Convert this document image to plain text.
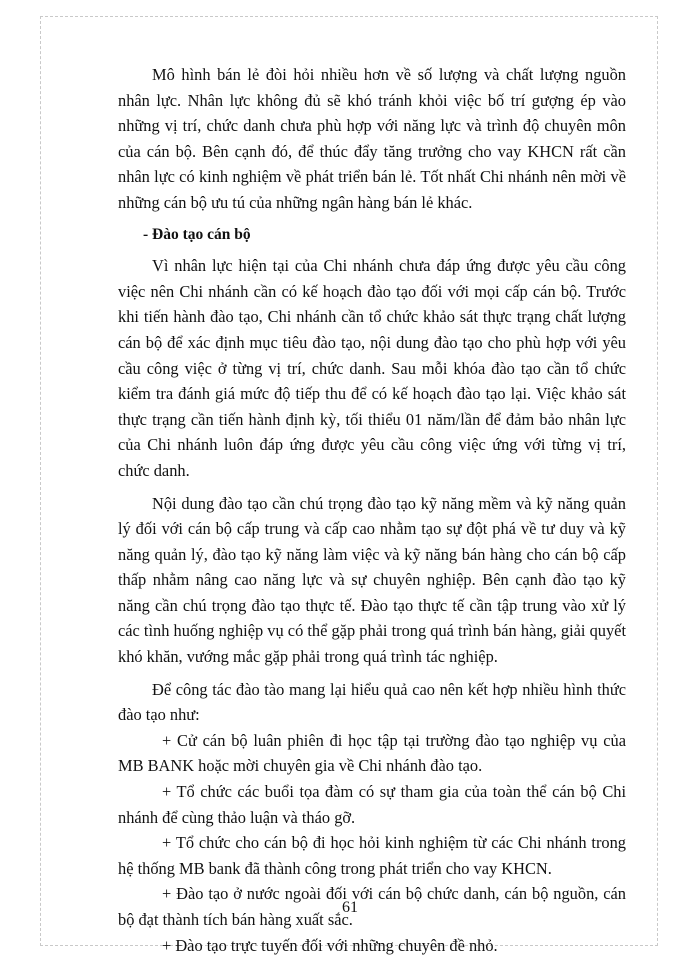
Mô hình bán lẻ đòi hỏi nhiều hơn về số lượng và chất lượng nguồn nhân lực. Nhân lực không đủ sẽ khó tránh khỏi việc bố trí gượng ép vào những vị trí, chức danh chưa phù hợp với năng lực và trình độ chuyên môn của cán bộ. Bên cạnh đó, để thúc đẩy tăng trưởng cho vay KHCN rất cần nhân lực có kinh nghiệm về phát triển bán lẻ. Tốt nhất Chi nhánh nên mời về những cán bộ ưu tú của những ngân hàng bán lẻ khác.

- Đào tạo cán bộ

Vì nhân lực hiện tại của Chi nhánh chưa đáp ứng được yêu cầu công việc nên Chi nhánh cần có kế hoạch đào tạo đối với mọi cấp cán bộ. Trước khi tiến hành đào tạo, Chi nhánh cần tổ chức khảo sát thực trạng chất lượng cán bộ để xác định mục tiêu đào tạo, nội dung đào tạo cho phù hợp với yêu cầu công việc ở từng vị trí, chức danh. Sau mỗi khóa đào tạo cần tổ chức kiểm tra đánh giá mức độ tiếp thu để có kế hoạch đào tạo lại. Việc khảo sát thực trạng cần tiến hành định kỳ, tối thiểu 01 năm/lần để đảm bảo nhân lực của Chi nhánh luôn đáp ứng được yêu cầu công việc ứng với từng vị trí, chức danh.

Nội dung đào tạo cần chú trọng đào tạo kỹ năng mềm và kỹ năng quản lý đối với cán bộ cấp trung và cấp cao nhằm tạo sự đột phá về tư duy và kỹ năng quản lý, đào tạo kỹ năng làm việc và kỹ năng bán hàng cho cán bộ cấp thấp nhằm nâng cao năng lực và sự chuyên nghiệp. Bên cạnh đào tạo kỹ năng cần chú trọng đào tạo thực tế. Đào tạo thực tế cần tập trung vào xử lý các tình huống nghiệp vụ có thể gặp phải trong quá trình bán hàng, giải quyết khó khăn, vướng mắc gặp phải trong quá trình tác nghiệp.

Để công tác đào tào mang lại hiểu quả cao nên kết hợp nhiều hình thức đào tạo như:

+ Cử cán bộ luân phiên đi học tập tại trường đào tạo nghiệp vụ của MB BANK hoặc mời chuyên gia về Chi nhánh đào tạo.

+ Tổ chức các buổi tọa đàm có sự tham gia của toàn thể cán bộ Chi nhánh để cùng thảo luận và tháo gỡ.

+ Tổ chức cho cán bộ đi học hỏi kinh nghiệm từ các Chi nhánh trong hệ thống MB bank đã thành công trong phát triển cho vay KHCN.

+ Đào tạo ở nước ngoài đối với cán bộ chức danh, cán bộ nguồn, cán bộ đạt thành tích bán hàng xuất sắc.

+ Đào tạo trực tuyến đối với những chuyên đề nhỏ.

61
